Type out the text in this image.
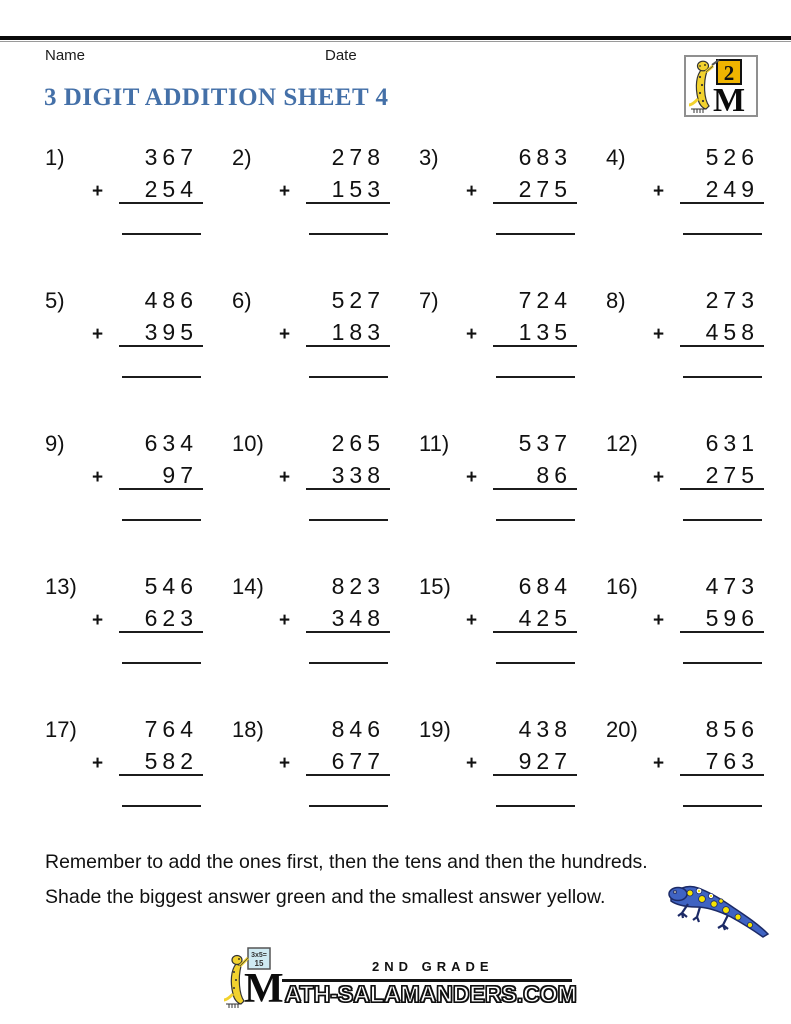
Name	Date
3 DIGIT ADDITION SHEET 4
2
M
1)	367
+ 254
2)	278
+ 153
3)	683
+ 275
4)	526
+ 249
5)	486
+ 395
6)	527
+ 183
7)	724
+ 135
8)	273
+ 458
9)	634
+	97
10)	265
+ 338
11)	537
+	86
12)	631
+ 275
13)	546
+ 623
14)	823
+ 348
15)	684
+ 425
16)	473
+ 596
17)	764
+ 582
18)	846
+ 677
19)	438
+ 927
20)	856
+ 763
Remember to add the ones first, then the tens and then the hundreds.
Shade the biggest answer green and the smallest answer yellow.
3x5=
15	2ND GRADE
MATH-SALAMANDERS.COM
